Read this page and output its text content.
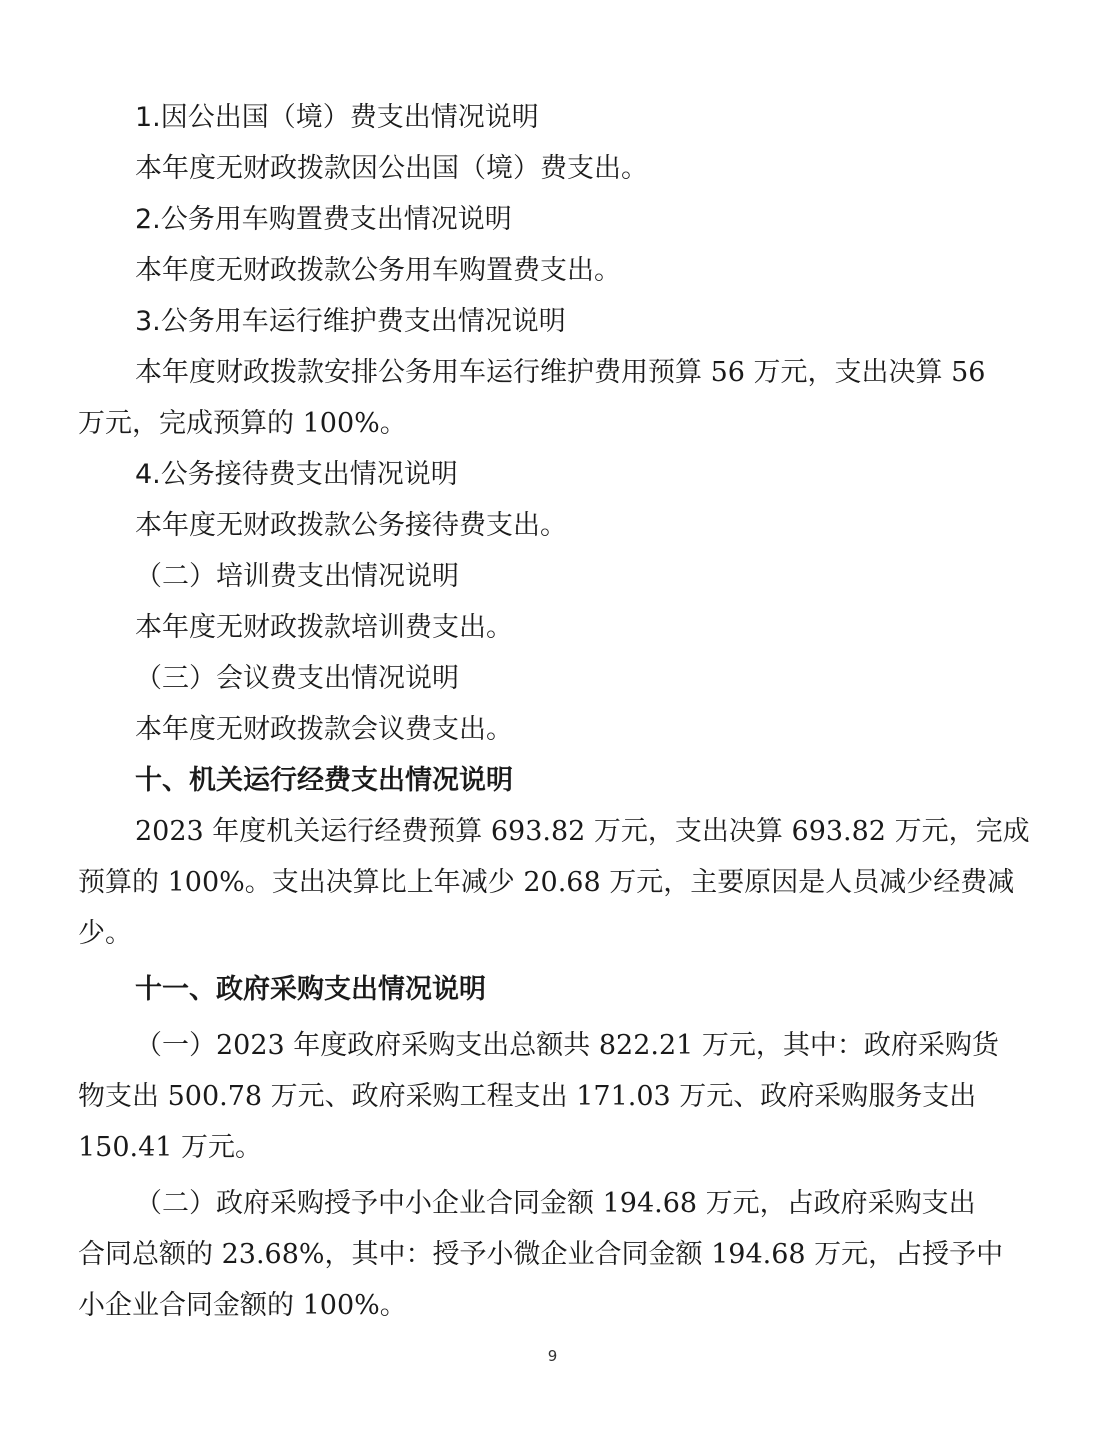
1.因公出国（境）费支出情况说明
本年度无财政拨款因公出国（境）费支出。
2.公务用车购置费支出情况说明
本年度无财政拨款公务用车购置费支出。
3.公务用车运行维护费支出情况说明
本年度财政拨款安排公务用车运行维护费用预算 56 万元，支出决算 56
万元，完成预算的 100%。
4.公务接待费支出情况说明
本年度无财政拨款公务接待费支出。
（二）培训费支出情况说明
本年度无财政拨款培训费支出。
（三）会议费支出情况说明
本年度无财政拨款会议费支出。
十、机关运行经费支出情况说明
2023 年度机关运行经费预算 693.82 万元，支出决算 693.82 万元，完成
预算的 100%。支出决算比上年减少 20.68 万元，主要原因是人员减少经费减
少。
十一、政府采购支出情况说明
（一）2023 年度政府采购支出总额共 822.21 万元，其中：政府采购货
物支出 500.78 万元、政府采购工程支出 171.03 万元、政府采购服务支出
150.41 万元。
（二）政府采购授予中小企业合同金额 194.68 万元，占政府采购支出
合同总额的 23.68%，其中：授予小微企业合同金额 194.68 万元，占授予中
小企业合同金额的 100%。
9
